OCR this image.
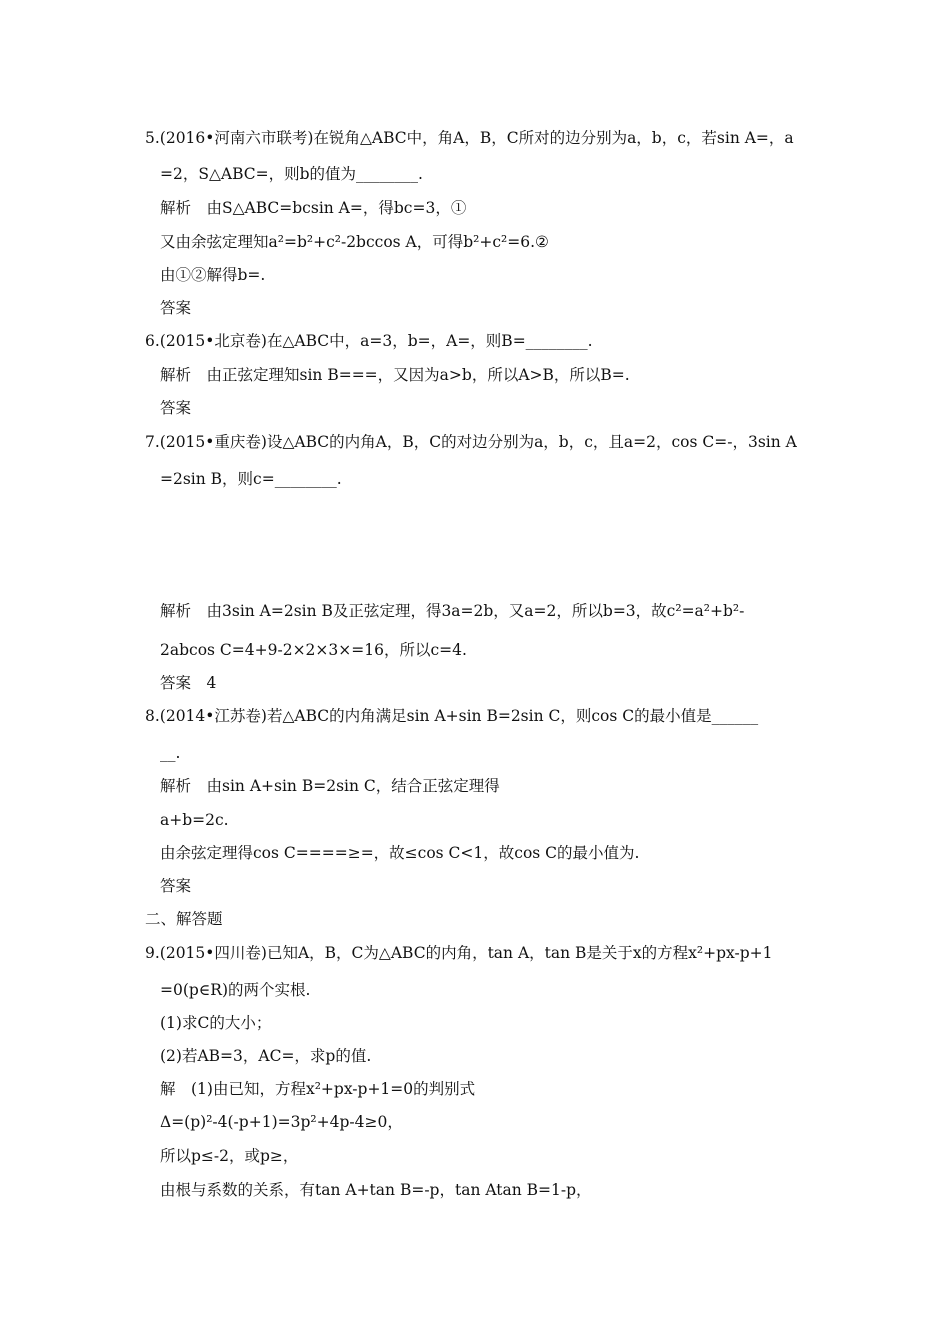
5.(2016•河南六市联考)在锐角△ABC中，角A，B，C所对的边分别为a，b，c，若sin A=，a
=2，S△ABC=，则b的值为________.
解析　由S△ABC=bcsin A=，得bc=3，①
又由余弦定理知a²=b²+c²-2bccos A，可得b²+c²=6.②
由①②解得b=.
答案
6.(2015•北京卷)在△ABC中，a=3，b=，A=，则B=________.
解析　由正弦定理知sin B===，又因为a>b，所以A>B，所以B=.
答案
7.(2015•重庆卷)设△ABC的内角A，B，C的对边分别为a，b，c，且a=2，cos C=-，3sin A
=2sin B，则c=________.
解析　由3sin A=2sin B及正弦定理，得3a=2b，又a=2，所以b=3，故c²=a²+b²-
2abcos C=4+9-2×2×3×=16，所以c=4.
答案　4
8.(2014•江苏卷)若△ABC的内角满足sin A+sin B=2sin C，则cos C的最小值是______
__.
解析　由sin A+sin B=2sin C，结合正弦定理得
a+b=2c.
由余弦定理得cos C====≥=，故≤cos C<1，故cos C的最小值为.
答案
二、解答题
9.(2015•四川卷)已知A，B，C为△ABC的内角，tan A，tan B是关于x的方程x²+px-p+1
=0(p∈R)的两个实根.
(1)求C的大小；
(2)若AB=3，AC=，求p的值.
解　(1)由已知，方程x²+px-p+1=0的判别式
Δ=(p)²-4(-p+1)=3p²+4p-4≥0，
所以p≤-2，或p≥，
由根与系数的关系，有tan A+tan B=-p，tan Atan B=1-p，
